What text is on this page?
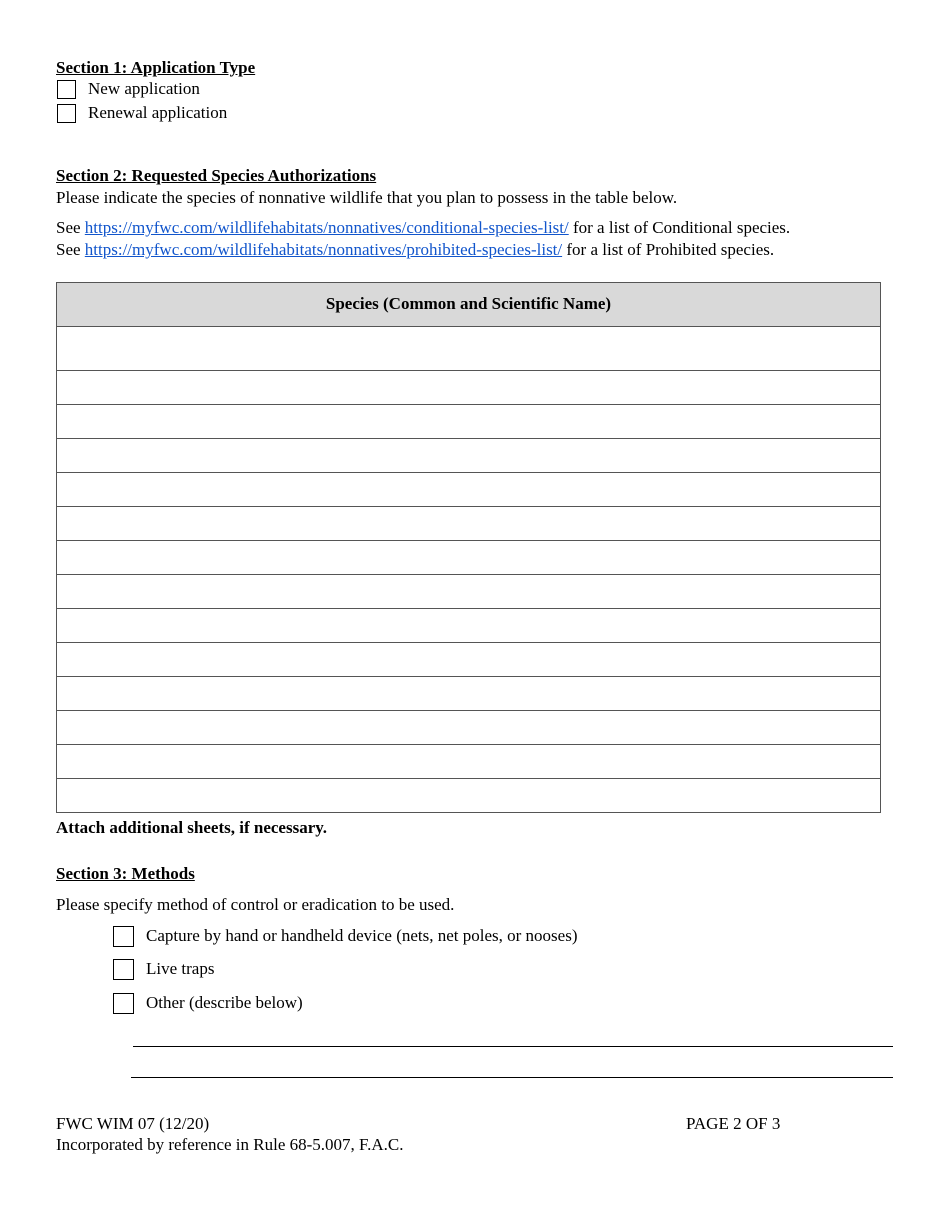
Section 1: Application Type
New application
Renewal application
Section 2: Requested Species Authorizations
Please indicate the species of nonnative wildlife that you plan to possess in the table below.
See https://myfwc.com/wildlifehabitats/nonnatives/conditional-species-list/ for a list of Conditional species.
See https://myfwc.com/wildlifehabitats/nonnatives/prohibited-species-list/ for a list of Prohibited species.
Species (Common and Scientific Name)

Attach additional sheets, if necessary.
Section 3: Methods
Please specify method of control or eradication to be used.
Capture by hand or handheld device (nets, net poles, or nooses)
Live traps
Other (describe below)
FWC WIM 07 (12/20)
Incorporated by reference in Rule 68-5.007, F.A.C.
PAGE 2 OF 3
